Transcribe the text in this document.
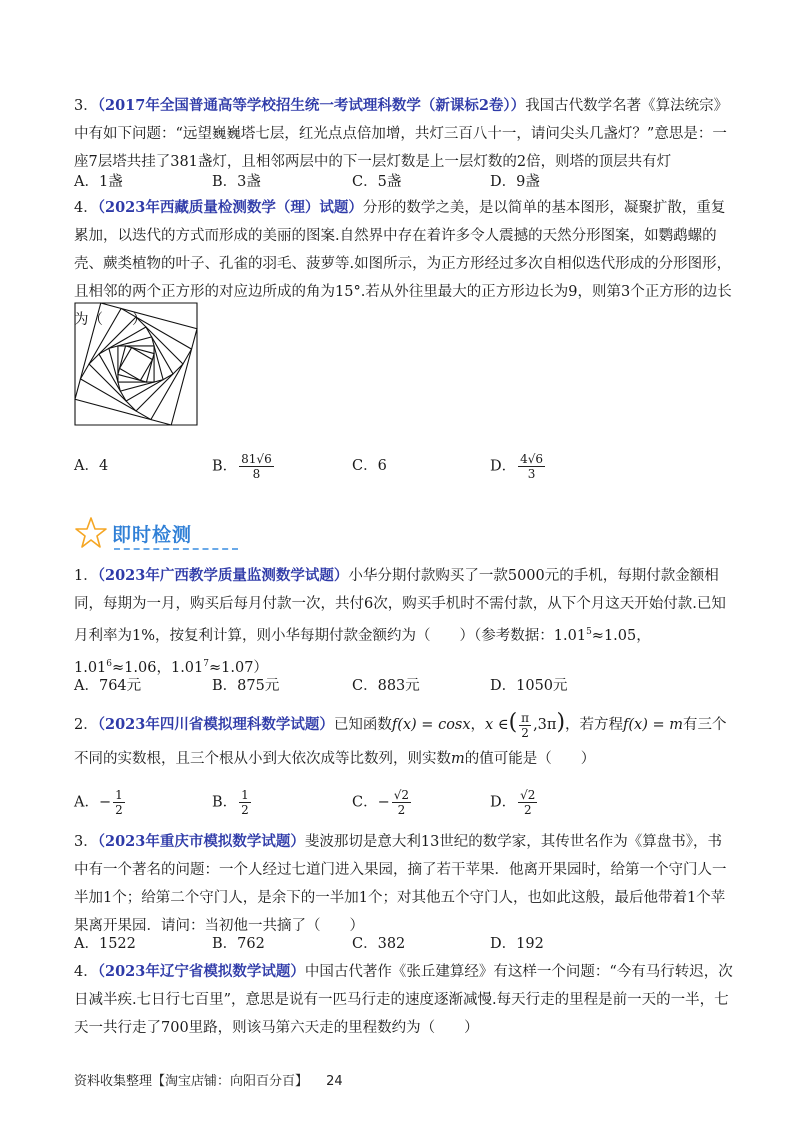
3．（2017年全国普通高等学校招生统一考试理科数学（新课标2卷））我国古代数学名著《算法统宗》中有如下问题：“远望巍巍塔七层，红光点点倍加增，共灯三百八十一，请问尖头几盏灯？”意思是：一座7层塔共挂了381盏灯，且相邻两层中的下一层灯数是上一层灯数的2倍，则塔的顶层共有灯
A．1盏	B．3盏	C．5盏	D．9盏
4．（2023年西藏质量检测数学（理）试题）分形的数学之美，是以简单的基本图形，凝聚扩散，重复累加，以迭代的方式而形成的美丽的图案.自然界中存在着许多令人震撼的天然分形图案，如鹦鹉螺的壳、蕨类植物的叶子、孔雀的羽毛、菠萝等.如图所示，为正方形经过多次自相似迭代形成的分形图形，且相邻的两个正方形的对应边所成的角为15°.若从外往里最大的正方形边长为9，则第3个正方形的边长为（　　）
A．4	B． $\frac{81√6}{8}$	C．6	D． $\frac{4√6}{3}$
即时检测
1．（2023年广西教学质量监测数学试题）小华分期付款购买了一款5000元的手机，每期付款金额相同，每期为一月，购买后每月付款一次，共付6次，购买手机时不需付款，从下个月这天开始付款.已知月利率为1%，按复利计算，则小华每期付款金额约为（　　）（参考数据：$1.01^5\approx 1.05$，$1.01^6\approx 1.06$，$1.01^7\approx 1.07$）
A．764元	B．875元	C．883元	D．1050元
2．（2023年四川省模拟理科数学试题）已知函数f(x) = cosx，x ∈( $\frac{\pi}{2} ,3\pi$)，若方程f(x) = m有三个不同的实数根，且三个根从小到大依次成等比数列，则实数m的值可能是（　　）
A．− $\frac{1}{2}$	B． $\frac{1}{2}$	C．− $\frac{√2}{2}$	D． $\frac{√2}{2}$
3．（2023年重庆市模拟数学试题）斐波那切是意大利13世纪的数学家，其传世名作为《算盘书》，书中有一个著名的问题：一个人经过七道门进入果园，摘了若干苹果．他离开果园时，给第一个守门人一半加1个；给第二个守门人，是余下的一半加1个；对其他五个守门人，也如此这般，最后他带着1个苹果离开果园．请问：当初他一共摘了（　　）
A．1522	B．762	C．382	D．192
4．（2023年辽宁省模拟数学试题）中国古代著作《张丘建算经》有这样一个问题：“今有马行转迟，次日减半疾.七日行七百里”，意思是说有一匹马行走的速度逐渐减慢.每天行走的里程是前一天的一半，七天一共行走了700里路，则该马第六天走的里程数约为（　　）
资料收集整理【淘宝店铺：向阳百分百】 24
